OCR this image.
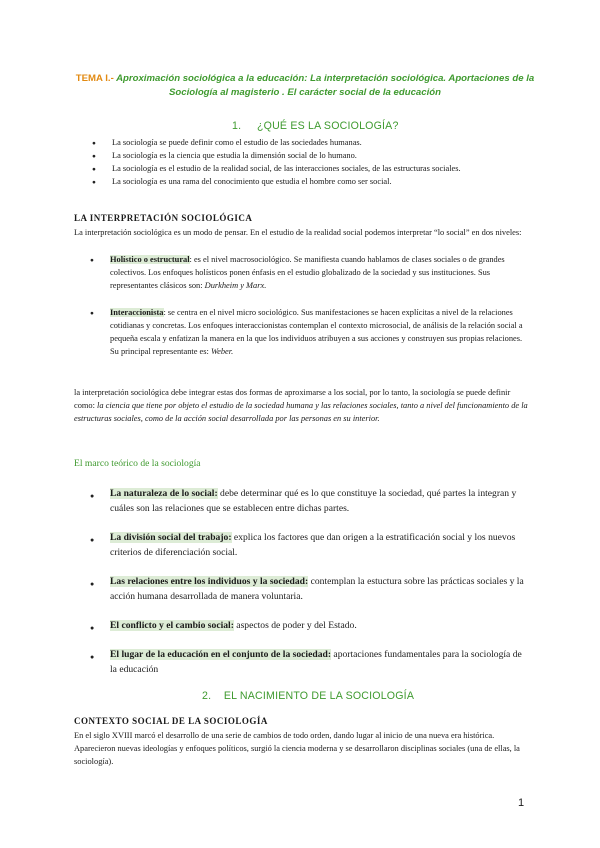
TEMA I.- Aproximación sociológica a la educación: La interpretación sociológica. Aportaciones de la Sociología al magisterio . El carácter social de la educación
1. ¿QUÉ ES LA SOCIOLOGÍA?
● La sociología se puede definir como el estudio de las sociedades humanas.
● La sociología es la ciencia que estudia la dimensión social de lo humano.
● La sociología es el estudio de la realidad social, de las interacciones sociales, de las estructuras sociales.
● La sociología es una rama del conocimiento que estudia el hombre como ser social.
LA INTERPRETACIÓN SOCIOLÓGICA
La interpretación sociológica es un modo de pensar. En el estudio de la realidad social podemos interpretar “lo social” en dos niveles:
● Holístico o estructural: es el nivel macrosociológico. Se manifiesta cuando hablamos de clases sociales o de grandes colectivos. Los enfoques holísticos ponen énfasis en el estudio globalizado de la sociedad y sus instituciones. Sus representantes clásicos son: Durkheim y Marx.
● Interaccionista: se centra en el nivel micro sociológico. Sus manifestaciones se hacen explícitas a nivel de la relaciones cotidianas y concretas. Los enfoques interaccionistas contemplan el contexto microsocial, de análisis de la relación social a pequeña escala y enfatizan la manera en la que los individuos atribuyen a sus acciones y construyen sus propias relaciones. Su principal representante es: Weber.
la interpretación sociológica debe integrar estas dos formas de aproximarse a los social, por lo tanto, la sociología se puede definir como: la ciencia que tiene por objeto el estudio de la sociedad humana y las relaciones sociales, tanto a nivel del funcionamiento de la estructuras sociales, como de la acción social desarrollada por las personas en su interior.
El marco teórico de la sociología
● La naturaleza de lo social: debe determinar qué es lo que constituye la sociedad, qué partes la integran y cuáles son las relaciones que se establecen entre dichas partes.
● La división social del trabajo: explica los factores que dan origen a la estratificación social y los nuevos criterios de diferenciación social.
● Las relaciones entre los individuos y la sociedad: contemplan la estuctura sobre las prácticas sociales y la acción humana desarrollada de manera voluntaria.
● El conflicto y el cambio social: aspectos de poder y del Estado.
● El lugar de la educación en el conjunto de la sociedad: aportaciones fundamentales para la sociología de la educación
2. EL NACIMIENTO DE LA SOCIOLOGÍA
CONTEXTO SOCIAL DE LA SOCIOLOGÍA
En el siglo XVIII marcó el desarrollo de una serie de cambios de todo orden, dando lugar al inicio de una nueva era histórica. Aparecieron nuevas ideologías y enfoques políticos, surgió la ciencia moderna y se desarrollaron disciplinas sociales (una de ellas, la sociología).
1
